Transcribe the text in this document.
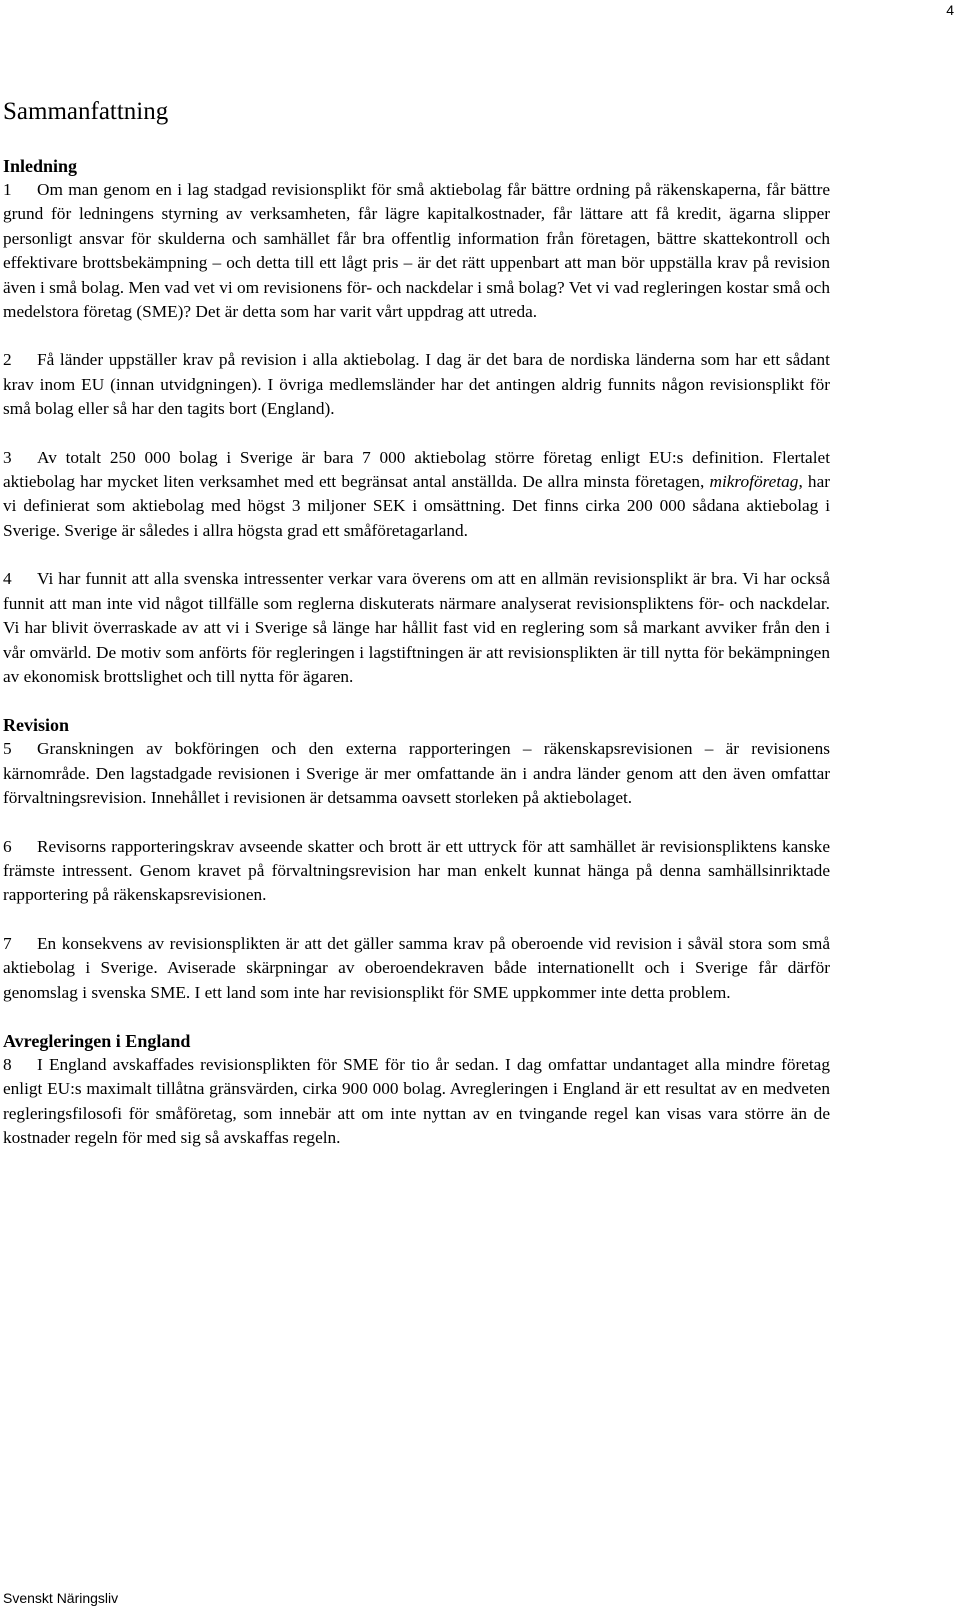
4
Sammanfattning
Inledning

1 Om man genom en i lag stadgad revisionsplikt för små aktiebolag får bättre ordning på räkenskaperna, får bättre grund för ledningens styrning av verksamheten, får lägre kapitalkostnader, får lättare att få kredit, ägarna slipper personligt ansvar för skulderna och samhället får bra offentlig information från företagen, bättre skattekontroll och effektivare brottsbekämpning – och detta till ett lågt pris – är det rätt uppenbart att man bör uppställa krav på revision även i små bolag. Men vad vet vi om revisionens för- och nackdelar i små bolag? Vet vi vad regleringen kostar små och medelstora företag (SME)? Det är detta som har varit vårt uppdrag att utreda.

2 Få länder uppställer krav på revision i alla aktiebolag. I dag är det bara de nordiska länderna som har ett sådant krav inom EU (innan utvidgningen). I övriga medlemsländer har det antingen aldrig funnits någon revisionsplikt för små bolag eller så har den tagits bort (England).

3 Av totalt 250 000 bolag i Sverige är bara 7 000 aktiebolag större företag enligt EU:s definition. Flertalet aktiebolag har mycket liten verksamhet med ett begränsat antal anställda. De allra minsta företagen, mikroföretag, har vi definierat som aktiebolag med högst 3 miljoner SEK i omsättning. Det finns cirka 200 000 sådana aktiebolag i Sverige. Sverige är således i allra högsta grad ett småföretagarland.

4 Vi har funnit att alla svenska intressenter verkar vara överens om att en allmän revisionsplikt är bra. Vi har också funnit att man inte vid något tillfälle som reglerna diskuterats närmare analyserat revisionspliktens för- och nackdelar. Vi har blivit överraskade av att vi i Sverige så länge har hållit fast vid en reglering som så markant avviker från den i vår omvärld. De motiv som anförts för regleringen i lagstiftningen är att revisionsplikten är till nytta för bekämpningen av ekonomisk brottslighet och till nytta för ägaren.

Revision

5 Granskningen av bokföringen och den externa rapporteringen – räkenskapsrevisionen – är revisionens kärnområde. Den lagstadgade revisionen i Sverige är mer omfattande än i andra länder genom att den även omfattar förvaltningsrevision. Innehållet i revisionen är detsamma oavsett storleken på aktiebolaget.

6 Revisorns rapporteringskrav avseende skatter och brott är ett uttryck för att samhället är revisionspliktens kanske främste intressent. Genom kravet på förvaltningsrevision har man enkelt kunnat hänga på denna samhällsinriktade rapportering på räkenskapsrevisionen.

7 En konsekvens av revisionsplikten är att det gäller samma krav på oberoende vid revision i såväl stora som små aktiebolag i Sverige. Aviserade skärpningar av oberoendekraven både internationellt och i Sverige får därför genomslag i svenska SME. I ett land som inte har revisionsplikt för SME uppkommer inte detta problem.

Avregleringen i England

8 I England avskaffades revisionsplikten för SME för tio år sedan. I dag omfattar undantaget alla mindre företag enligt EU:s maximalt tillåtna gränsvärden, cirka 900 000 bolag. Avregleringen i England är ett resultat av en medveten regleringsfilosofi för småföretag, som innebär att om inte nyttan av en tvingande regel kan visas vara större än de kostnader regeln för med sig så avskaffas regeln.

Svenskt Näringsliv
